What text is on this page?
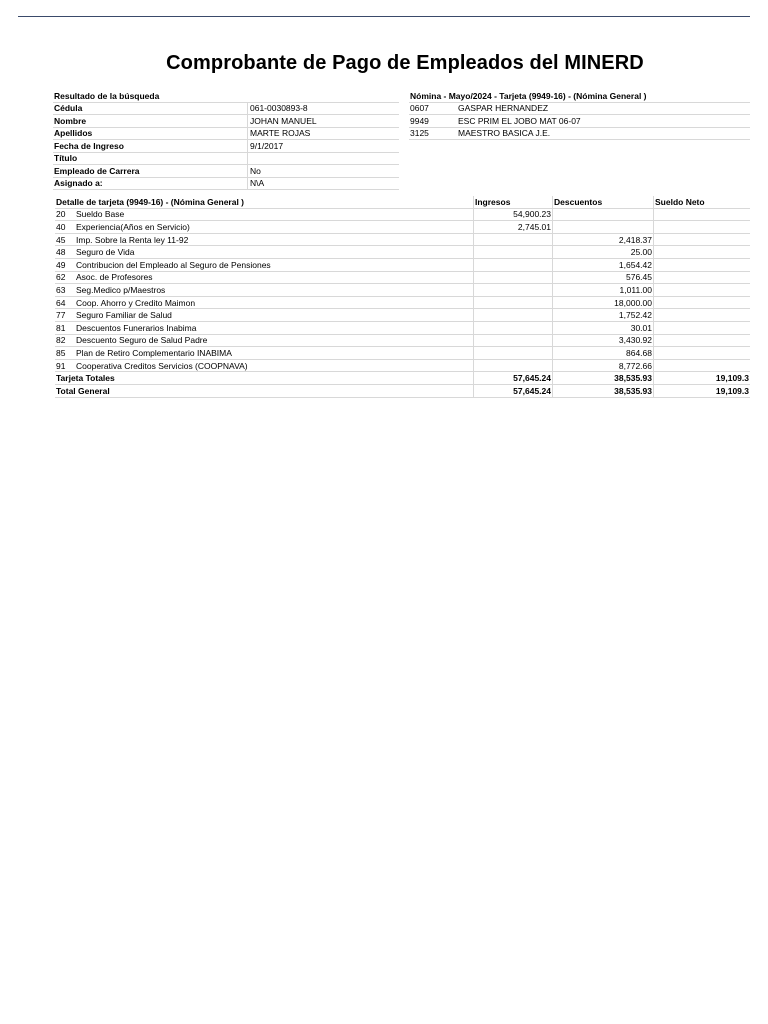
Comprobante de Pago de Empleados del MINERD
Resultado de la búsqueda	
Cédula	061-0030893-8
Nombre	JOHAN MANUEL
Apellidos	MARTE ROJAS
Fecha de Ingreso	9/1/2017
Título	
Empleado de Carrera	No
Asignado a:	N\A
Nómina - Mayo/2024 - Tarjeta (9949-16) - (Nómina General )	
0607	GASPAR HERNANDEZ
9949	ESC PRIM EL JOBO MAT 06-07
3125	MAESTRO BASICA J.E.
Detalle de tarjeta (9949-16) - (Nómina General )		Ingresos	Descuentos	Sueldo Neto
20	Sueldo Base	54,900.23		
40	Experiencia(Años en Servicio)	2,745.01		
45	Imp. Sobre la Renta ley 11-92		2,418.37	
48	Seguro de Vida		25.00	
49	Contribucion del Empleado al Seguro de Pensiones		1,654.42	
62	Asoc. de Profesores		576.45	
63	Seg.Medico p/Maestros		1,011.00	
64	Coop. Ahorro y Credito Maimon		18,000.00	
77	Seguro Familiar de Salud		1,752.42	
81	Descuentos Funerarios Inabima		30.01	
82	Descuento Seguro de Salud Padre		3,430.92	
85	Plan de Retiro Complementario INABIMA		864.68	
91	Cooperativa Creditos Servicios (COOPNAVA)		8,772.66	
Tarjeta Totales		57,645.24	38,535.93	19,109.3
Total General		57,645.24	38,535.93	19,109.3
